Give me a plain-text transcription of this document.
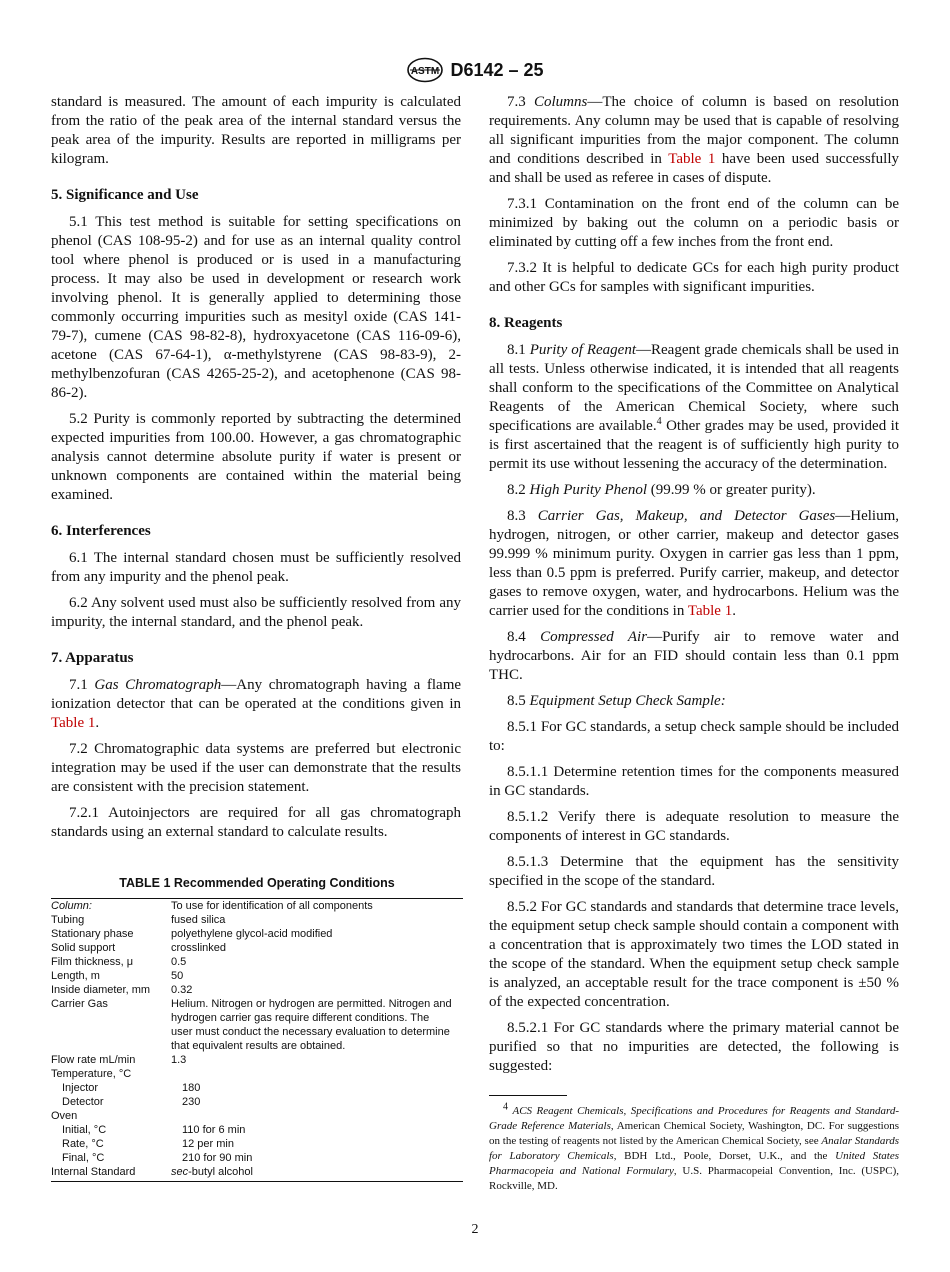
ASTM D6142 – 25

standard is measured. The amount of each impurity is calculated from the ratio of the peak area of the internal standard versus the peak area of the impurity. Results are reported in milligrams per kilogram.

5. Significance and Use

5.1 This test method is suitable for setting specifications on phenol (CAS 108-95-2) and for use as an internal quality control tool where phenol is produced or is used in a manufacturing process. It may also be used in development or research work involving phenol. It is generally applied to determining those commonly occurring impurities such as mesityl oxide (CAS 141-79-7), cumene (CAS 98-82-8), hydroxyacetone (CAS 116-09-6), acetone (CAS 67-64-1), α-methylstyrene (CAS 98-83-9), 2-methylbenzofuran (CAS 4265-25-2), and acetophenone (CAS 98-86-2).

5.2 Purity is commonly reported by subtracting the determined expected impurities from 100.00. However, a gas chromatographic analysis cannot determine absolute purity if water is present or unknown components are contained within the material being examined.

6. Interferences

6.1 The internal standard chosen must be sufficiently resolved from any impurity and the phenol peak.

6.2 Any solvent used must also be sufficiently resolved from any impurity, the internal standard, and the phenol peak.

7. Apparatus

7.1 Gas Chromatograph—Any chromatograph having a flame ionization detector that can be operated at the conditions given in Table 1.

7.2 Chromatographic data systems are preferred but electronic integration may be used if the user can demonstrate that the results are consistent with the precision statement.

7.2.1 Autoinjectors are required for all gas chromatograph standards using an external standard to calculate results.

TABLE 1 Recommended Operating Conditions
Column:	To use for identification of all components
Tubing	fused silica
Stationary phase	polyethylene glycol-acid modified
Solid support	crosslinked
Film thickness, μ	0.5
Length, m	50
Inside diameter, mm	0.32
Carrier Gas	Helium. Nitrogen or hydrogen are permitted. Nitrogen and hydrogen carrier gas require different conditions. The user must conduct the necessary evaluation to determine that equivalent results are obtained.
Flow rate mL/min	1.3
Temperature, °C
Injector	180
Detector	230
Oven
Initial, °C	110 for 6 min
Rate, °C	12 per min
Final, °C	210 for 90 min
Internal Standard	sec-butyl alcohol

7.3 Columns—The choice of column is based on resolution requirements. Any column may be used that is capable of resolving all significant impurities from the major component. The column and conditions described in Table 1 have been used successfully and shall be used as referee in cases of dispute.

7.3.1 Contamination on the front end of the column can be minimized by baking out the column on a periodic basis or eliminated by cutting off a few inches from the front end.

7.3.2 It is helpful to dedicate GCs for each high purity product and other GCs for samples with significant impurities.

8. Reagents

8.1 Purity of Reagent—Reagent grade chemicals shall be used in all tests. Unless otherwise indicated, it is intended that all reagents shall conform to the specifications of the Committee on Analytical Reagents of the American Chemical Society, where such specifications are available.$^4$ Other grades may be used, provided it is first ascertained that the reagent is of sufficiently high purity to permit its use without lessening the accuracy of the determination.

8.2 High Purity Phenol (99.99 % or greater purity).

8.3 Carrier Gas, Makeup, and Detector Gases—Helium, hydrogen, nitrogen, or other carrier, makeup and detector gases 99.999 % minimum purity. Oxygen in carrier gas less than 1 ppm, less than 0.5 ppm is preferred. Purify carrier, makeup, and detector gases to remove oxygen, water, and hydrocarbons. Helium was the carrier used for the conditions in Table 1.

8.4 Compressed Air—Purify air to remove water and hydrocarbons. Air for an FID should contain less than 0.1 ppm THC.

8.5 Equipment Setup Check Sample:

8.5.1 For GC standards, a setup check sample should be included to:

8.5.1.1 Determine retention times for the components measured in GC standards.

8.5.1.2 Verify there is adequate resolution to measure the components of interest in GC standards.

8.5.1.3 Determine that the equipment has the sensitivity specified in the scope of the standard.

8.5.2 For GC standards and standards that determine trace levels, the equipment setup check sample should contain a component with a concentration that is approximately two times the LOD stated in the scope of the standard. When the equipment setup check sample is analyzed, an acceptable result for the trace component is ±50 % of the expected concentration.

8.5.2.1 For GC standards where the primary material cannot be purified so that no impurities are detected, the following is suggested:

$^4$ ACS Reagent Chemicals, Specifications and Procedures for Reagents and Standard-Grade Reference Materials, American Chemical Society, Washington, DC. For suggestions on the testing of reagents not listed by the American Chemical Society, see Analar Standards for Laboratory Chemicals, BDH Ltd., Poole, Dorset, U.K., and the United States Pharmacopeia and National Formulary, U.S. Pharmacopeial Convention, Inc. (USPC), Rockville, MD.
2
